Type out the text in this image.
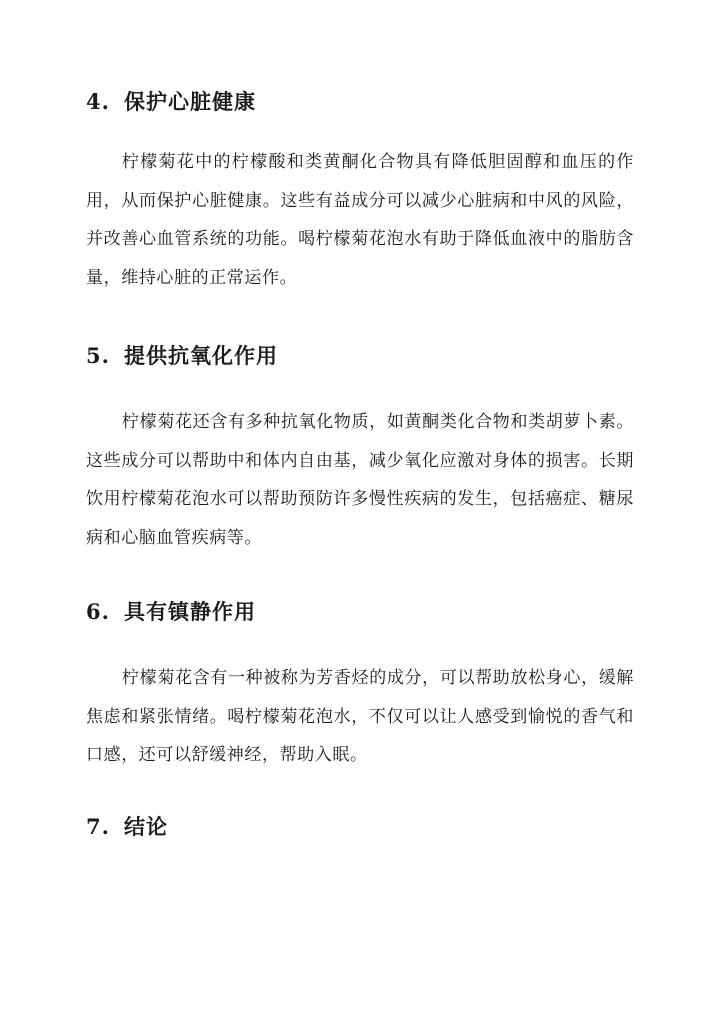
4. 保护心脏健康

柠檬菊花中的柠檬酸和类黄酮化合物具有降低胆固醇和血压的作用，从而保护心脏健康。这些有益成分可以减少心脏病和中风的风险，并改善心血管系统的功能。喝柠檬菊花泡水有助于降低血液中的脂肪含量，维持心脏的正常运作。

5. 提供抗氧化作用

柠檬菊花还含有多种抗氧化物质，如黄酮类化合物和类胡萝卜素。这些成分可以帮助中和体内自由基，减少氧化应激对身体的损害。长期饮用柠檬菊花泡水可以帮助预防许多慢性疾病的发生，包括癌症、糖尿病和心脑血管疾病等。

6. 具有镇静作用

柠檬菊花含有一种被称为芳香烃的成分，可以帮助放松身心，缓解焦虑和紧张情绪。喝柠檬菊花泡水，不仅可以让人感受到愉悦的香气和口感，还可以舒缓神经，帮助入眠。

7. 结论
